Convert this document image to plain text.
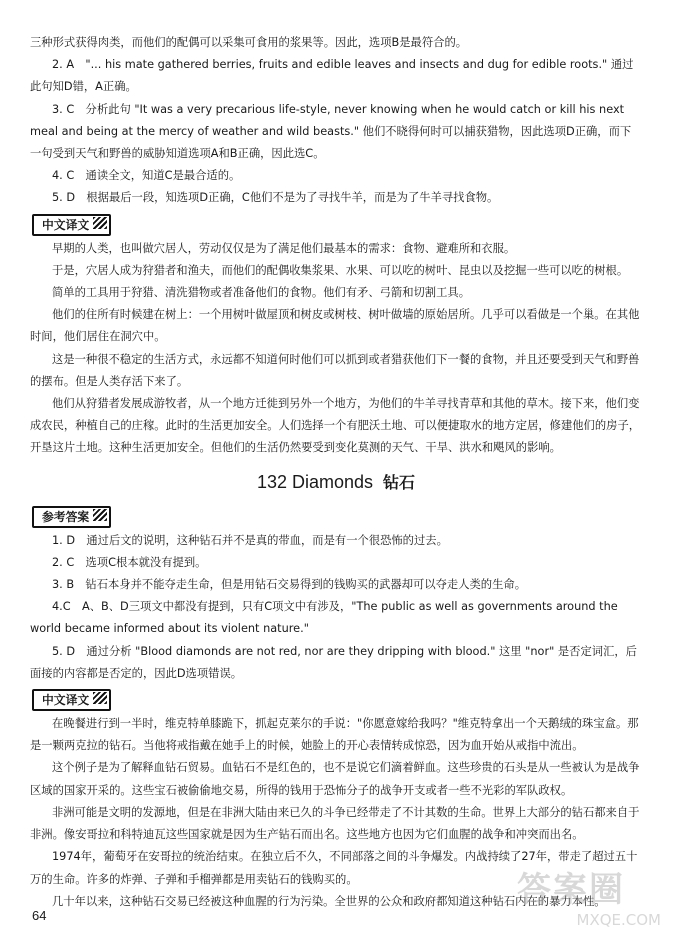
三种形式获得肉类，而他们的配偶可以采集可食用的浆果等。因此，选项B是最符合的。

2. A　"... his mate gathered berries, fruits and edible leaves and insects and dug for edible roots." 通过此句知D错，A正确。

3. C　分析此句 "It was a very precarious life-style, never knowing when he would catch or kill his next meal and being at the mercy of weather and wild beasts." 他们不晓得何时可以捕获猎物，因此选项D正确，而下一句受到天气和野兽的威胁知道选项A和B正确，因此选C。

4. C　通读全文，知道C是最合适的。

5. D　根据最后一段，知选项D正确，C他们不是为了寻找牛羊，而是为了牛羊寻找食物。

中文译文

早期的人类，也叫做穴居人，劳动仅仅是为了满足他们最基本的需求：食物、避难所和衣服。

于是，穴居人成为狩猎者和渔夫，而他们的配偶收集浆果、水果、可以吃的树叶、昆虫以及挖掘一些可以吃的树根。

简单的工具用于狩猎、清洗猎物或者准备他们的食物。他们有矛、弓箭和切割工具。

他们的住所有时候建在树上：一个用树叶做屋顶和树皮或树枝、树叶做墙的原始居所。几乎可以看做是一个巢。在其他时间，他们居住在洞穴中。

这是一种很不稳定的生活方式，永远都不知道何时他们可以抓到或者猎获他们下一餐的食物，并且还要受到天气和野兽的摆布。但是人类存活下来了。

他们从狩猎者发展成游牧者，从一个地方迁徙到另外一个地方，为他们的牛羊寻找青草和其他的草木。接下来，他们变成农民，种植自己的庄稼。此时的生活更加安全。人们选择一个有肥沃土地、可以便捷取水的地方定居，修建他们的房子，开垦这片土地。这种生活更加安全。但他们的生活仍然要受到变化莫测的天气、干旱、洪水和飓风的影响。

132 Diamonds 钻石
参考答案

1. D　通过后文的说明，这种钻石并不是真的带血，而是有一个很恐怖的过去。

2. C　选项C根本就没有提到。

3. B　钻石本身并不能夺走生命，但是用钻石交易得到的钱购买的武器却可以夺走人类的生命。

4.C　A、B、D三项文中都没有提到，只有C项文中有涉及，"The public as well as governments around the world became informed about its violent nature."

5. D　通过分析 "Blood diamonds are not red, nor are they dripping with blood." 这里 "nor" 是否定词汇，后面接的内容都是否定的，因此D选项错误。

中文译文

在晚餐进行到一半时，维克特单膝跪下，抓起克莱尔的手说："你愿意嫁给我吗？"维克特拿出一个天鹅绒的珠宝盒。那是一颗两克拉的钻石。当他将戒指戴在她手上的时候，她脸上的开心表情转成惊恐，因为血开始从戒指中流出。

这个例子是为了解释血钻石贸易。血钻石不是红色的，也不是说它们滴着鲜血。这些珍贵的石头是从一些被认为是战争区域的国家开采的。这些宝石被偷偷地交易，所得的钱用于恐怖分子的战争开支或者一些不光彩的军队政权。

非洲可能是文明的发源地，但是在非洲大陆由来已久的斗争已经带走了不计其数的生命。世界上大部分的钻石都来自于非洲。像安哥拉和科特迪瓦这些国家就是因为生产钻石而出名。这些地方也因为它们血腥的战争和冲突而出名。

1974年，葡萄牙在安哥拉的统治结束。在独立后不久，不同部落之间的斗争爆发。内战持续了27年，带走了超过五十万的生命。许多的炸弹、子弹和手榴弹都是用卖钻石的钱购买的。

几十年以来，这种钻石交易已经被这种血腥的行为污染。全世界的公众和政府都知道这种钻石内在的暴力本性。

64
答案圈
MXQE.COM
